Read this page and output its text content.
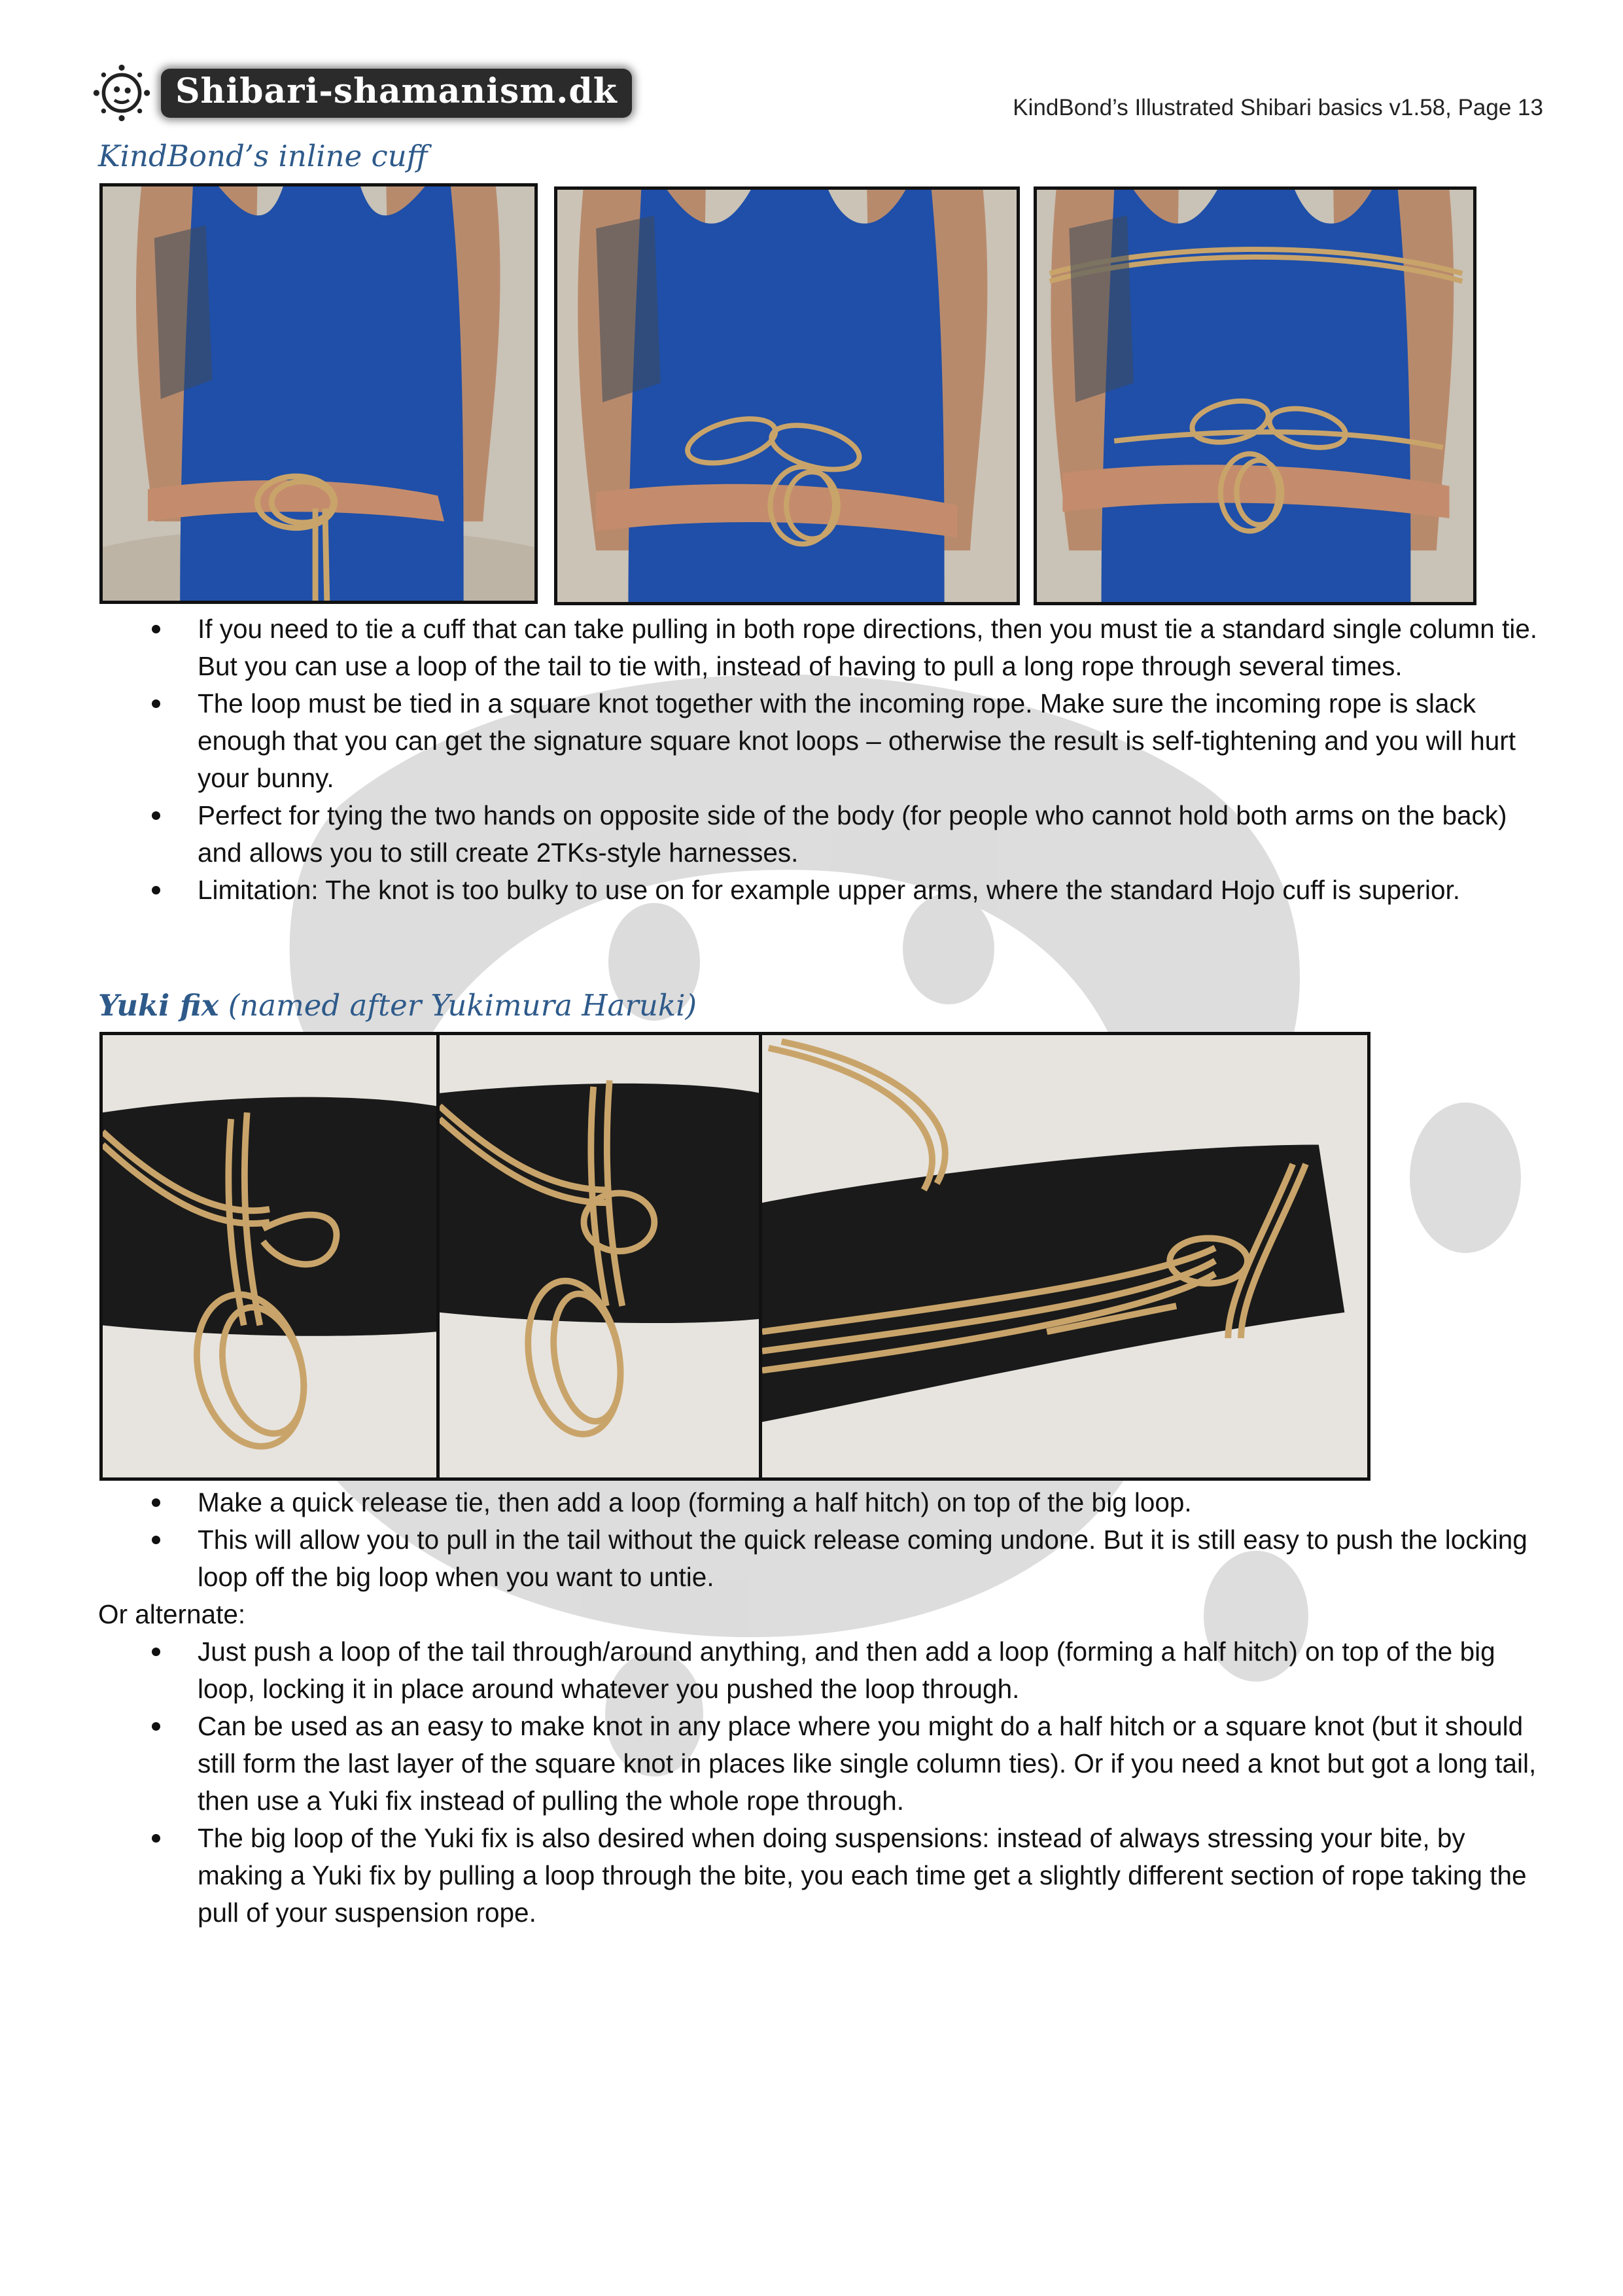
Shibari-shamanism.dk	KindBond’s Illustrated Shibari basics v1.58, Page 13
KindBond’s inline cuff
If you need to tie a cuff that can take pulling in both rope directions, then you must tie a standard single column tie. But you can use a loop of the tail to tie with, instead of having to pull a long rope through several times.
The loop must be tied in a square knot together with the incoming rope. Make sure the incoming rope is slack enough that you can get the signature square knot loops – otherwise the result is self-tightening and you will hurt your bunny.
Perfect for tying the two hands on opposite side of the body (for people who cannot hold both arms on the back) and allows you to still create 2TKs-style harnesses.
Limitation: The knot is too bulky to use on for example upper arms, where the standard Hojo cuff is superior.
Yuki fix (named after Yukimura Haruki)
Make a quick release tie, then add a loop (forming a half hitch) on top of the big loop.
This will allow you to pull in the tail without the quick release coming undone. But it is still easy to push the locking loop off the big loop when you want to untie.
Or alternate:
Just push a loop of the tail through/around anything, and then add a loop (forming a half hitch) on top of the big loop, locking it in place around whatever you pushed the loop through.
Can be used as an easy to make knot in any place where you might do a half hitch or a square knot (but it should still form the last layer of the square knot in places like single column ties). Or if you need a knot but got a long tail, then use a Yuki fix instead of pulling the whole rope through.
The big loop of the Yuki fix is also desired when doing suspensions: instead of always stressing your bite, by making a Yuki fix by pulling a loop through the bite, you each time get a slightly different section of rope taking the pull of your suspension rope.
